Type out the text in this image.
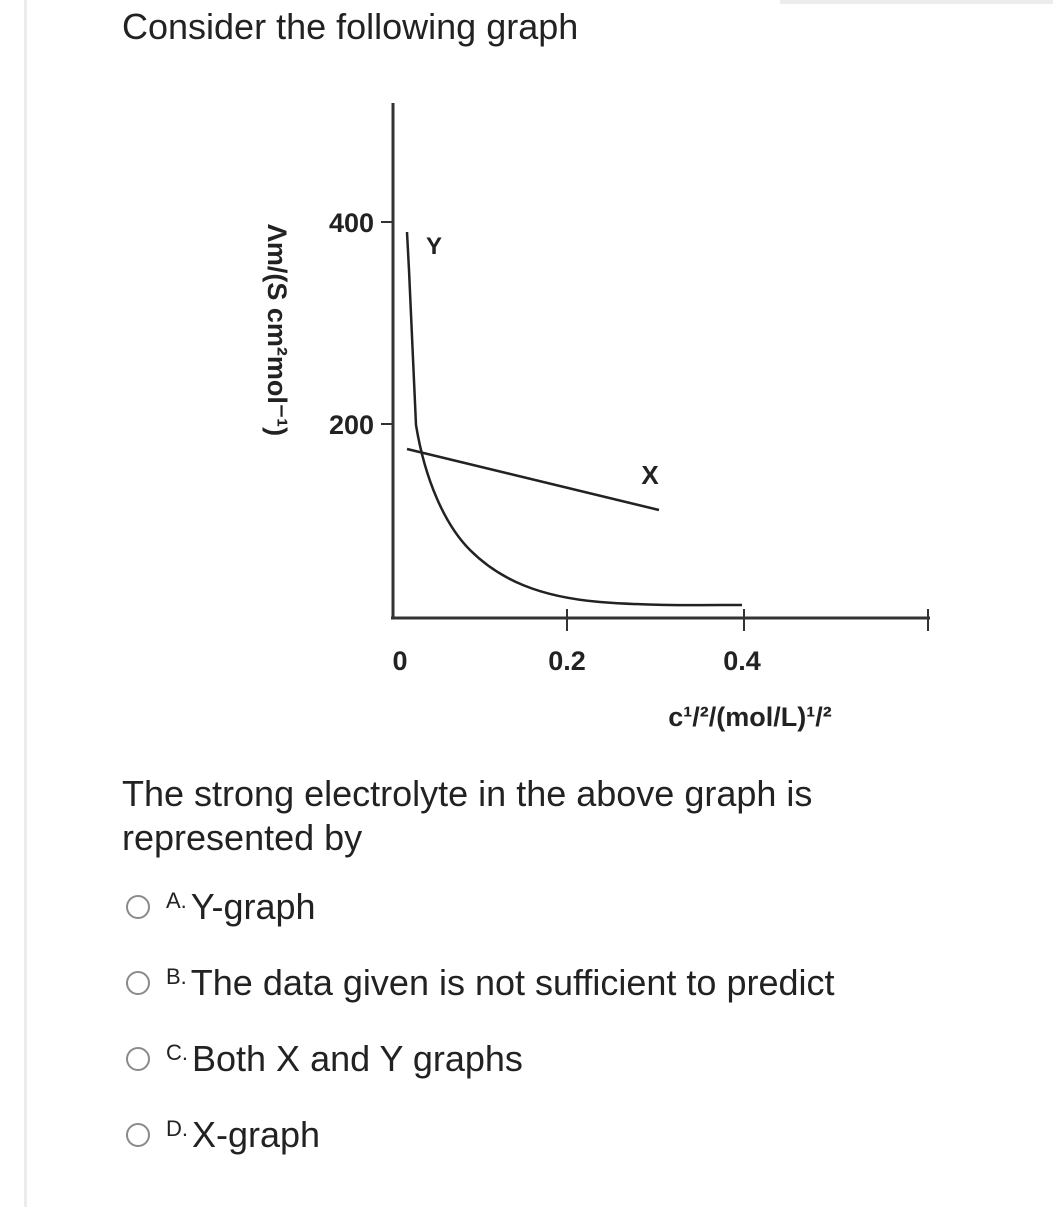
Consider the following graph
400
200
0	0.2	0.4
c¹/²/(mol/L)¹/²
Λm/(S cm²mol⁻¹)	Y
X
The strong electrolyte in the above graph is represented by
A. Y-graph
B. The data given is not sufficient to predict
C. Both X and Y graphs
D. X-graph
